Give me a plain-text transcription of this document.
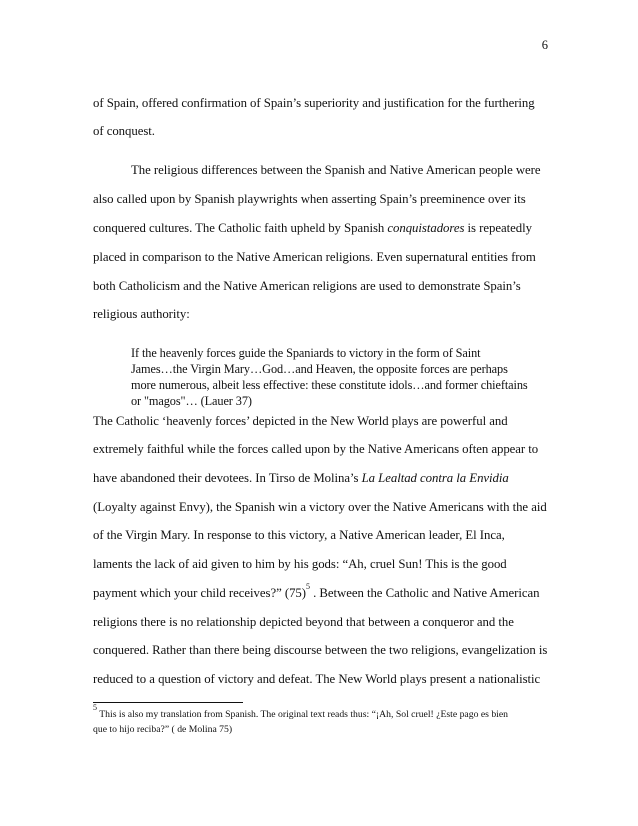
6
of Spain, offered confirmation of Spain’s superiority and justification for the furthering
of conquest.
The religious differences between the Spanish and Native American people were
also called upon by Spanish playwrights when asserting Spain’s preeminence over its
conquered cultures. The Catholic faith upheld by Spanish conquistadores is repeatedly
placed in comparison to the Native American religions. Even supernatural entities from
both Catholicism and the Native American religions are used to demonstrate Spain’s
religious authority:
If the heavenly forces guide the Spaniards to victory in the form of Saint
James…the Virgin Mary…God…and Heaven, the opposite forces are perhaps
more numerous, albeit less effective: these constitute idols…and former chieftains
or "magos"… (Lauer 37)
The Catholic ‘heavenly forces’ depicted in the New World plays are powerful and
extremely faithful while the forces called upon by the Native Americans often appear to
have abandoned their devotees. In Tirso de Molina’s La Lealtad contra la Envidia
(Loyalty against Envy), the Spanish win a victory over the Native Americans with the aid
of the Virgin Mary. In response to this victory, a Native American leader, El Inca,
laments the lack of aid given to him by his gods: “Ah, cruel Sun! This is the good
payment which your child receives?” $(75)^5$ . Between the Catholic and Native American
religions there is no relationship depicted beyond that between a conqueror and the
conquered. Rather than there being discourse between the two religions, evangelization is
reduced to a question of victory and defeat. The New World plays present a nationalistic
$^5$ This is also my translation from Spanish. The original text reads thus: “¡Ah, Sol cruel! ¿Este pago es bien
que to hijo reciba?” ( de Molina 75)
